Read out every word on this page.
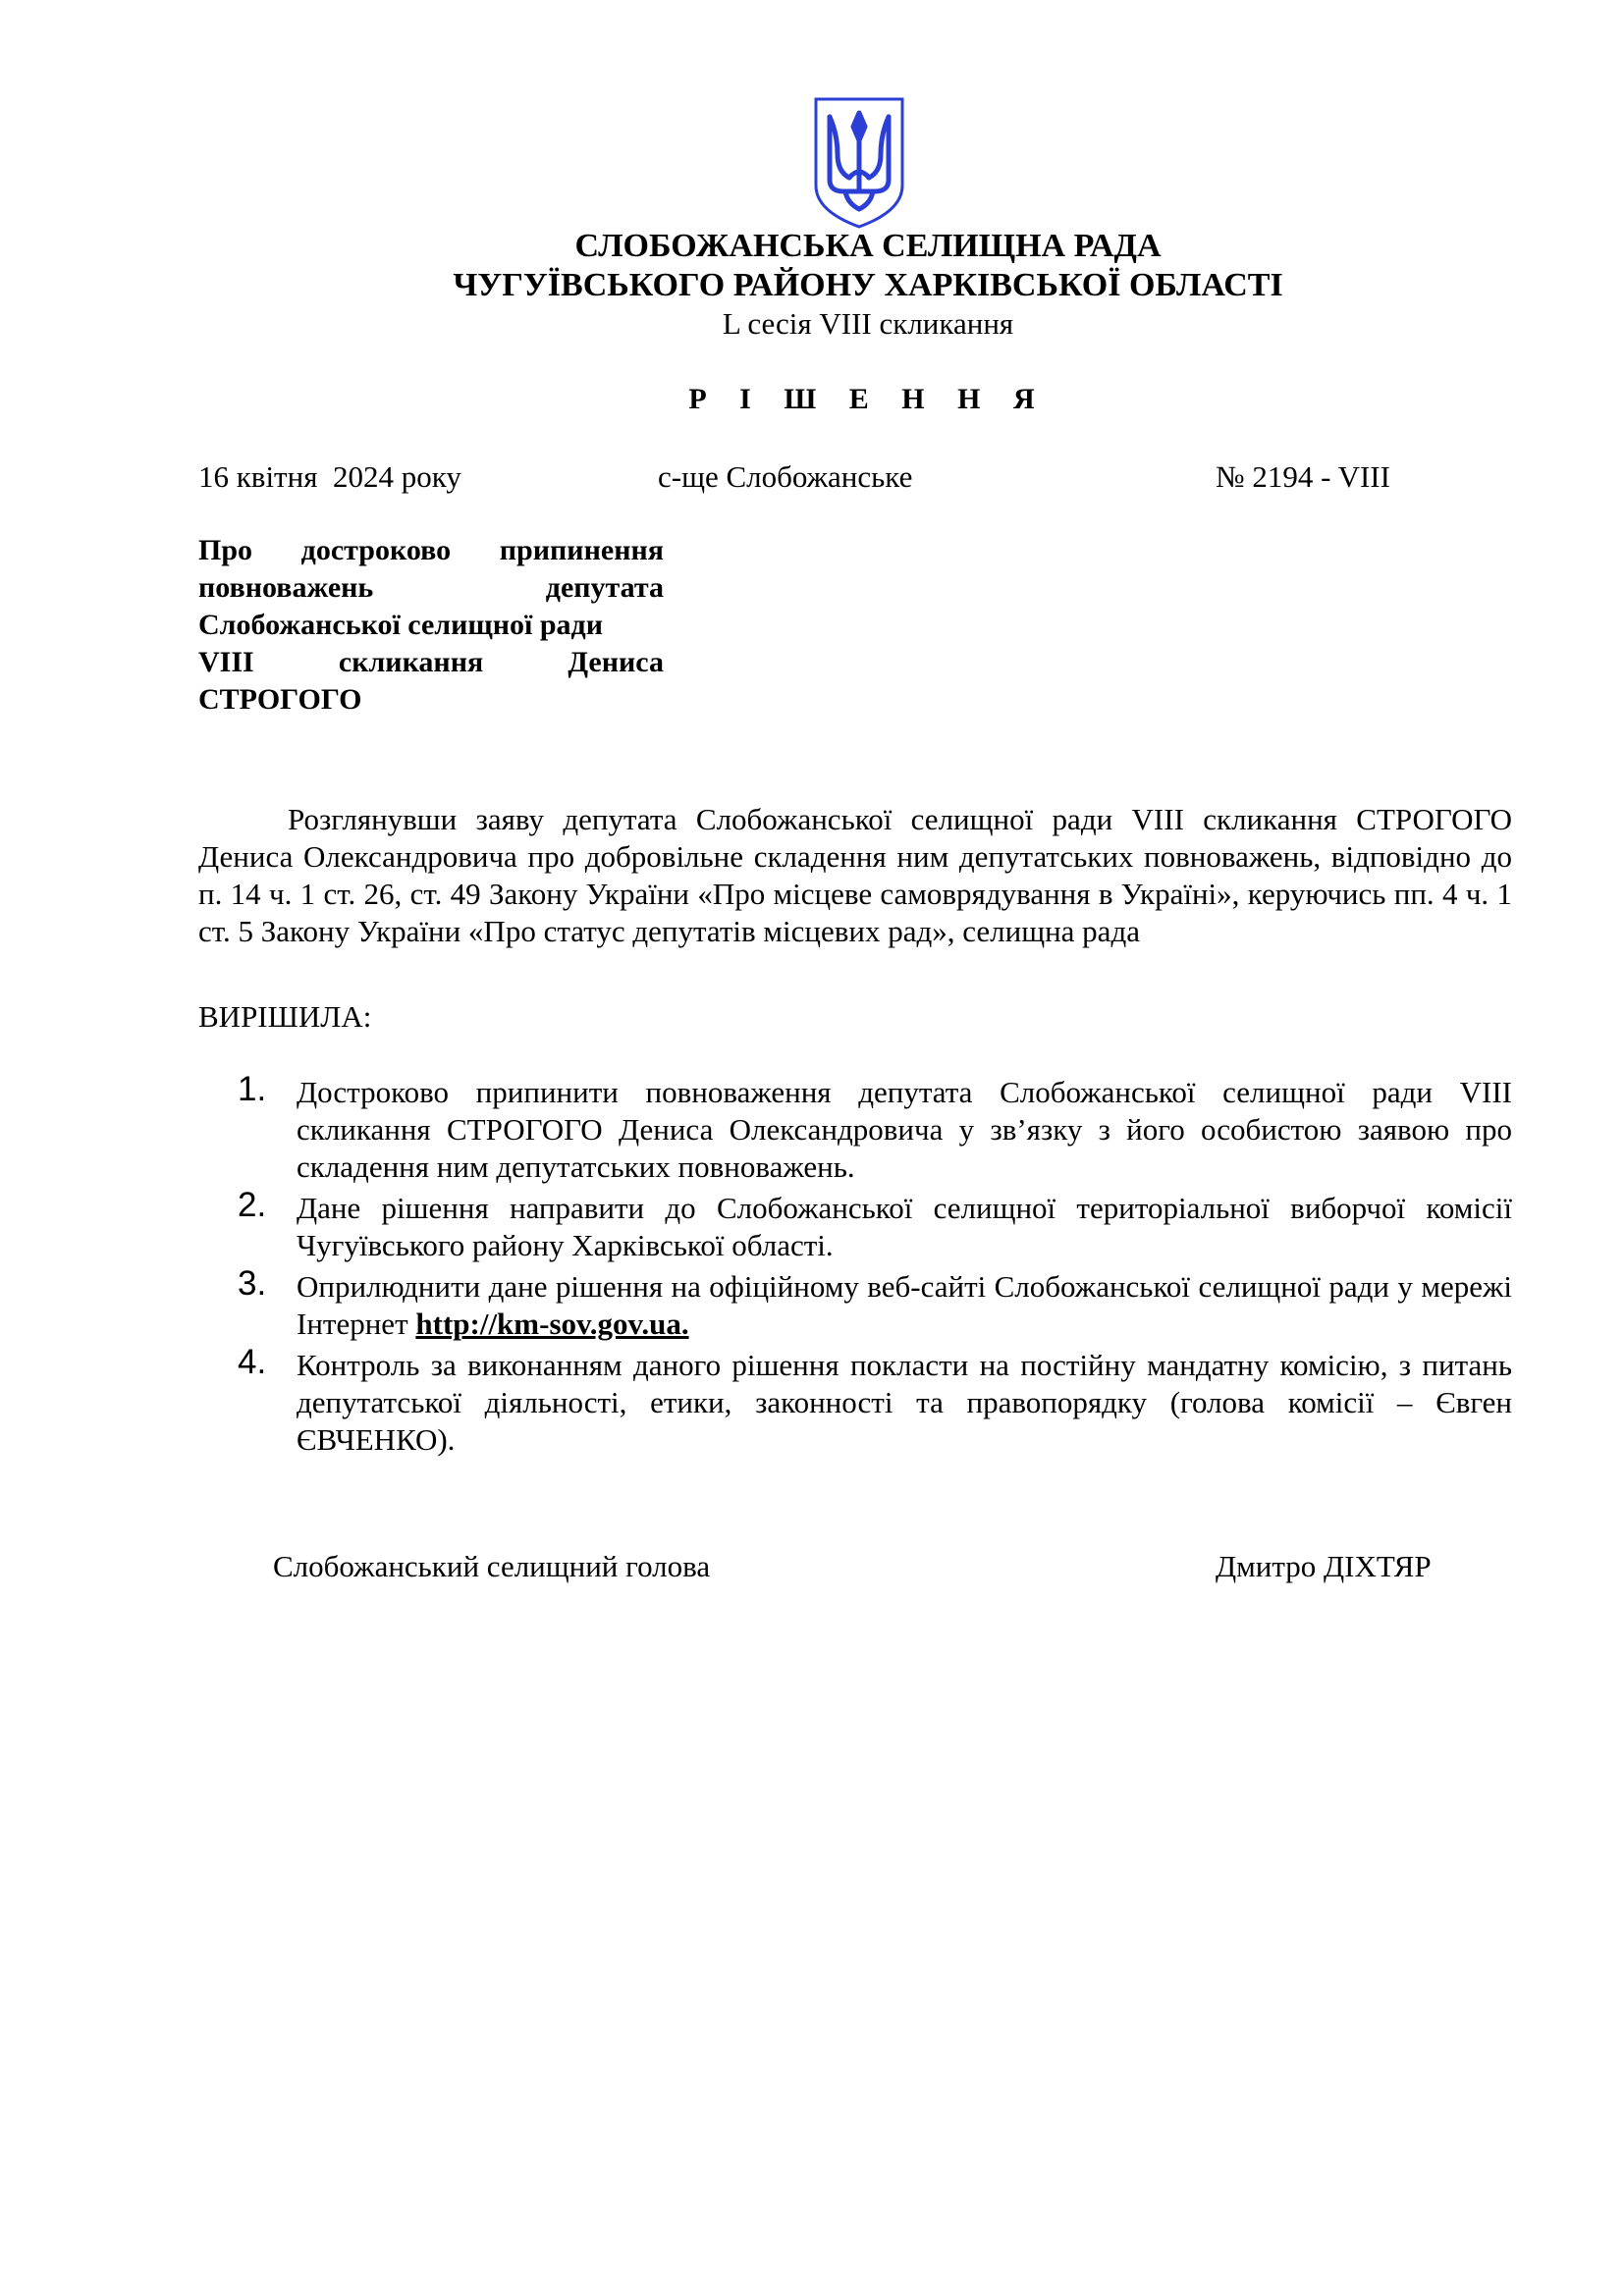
СЛОБОЖАНСЬКА СЕЛИЩНА РАДА
ЧУГУЇВСЬКОГО РАЙОНУ ХАРКІВСЬКОЇ ОБЛАСТІ
L сесія VIII скликання
Р І Ш Е Н Н Я
16 квітня  2024 року	с-ще Слобожанське	№ 2194 - VIII
Про достроково припинення
повноважень депутата
Слобожанської селищної ради
VIII скликання Дениса
СТРОГОГО

Розглянувши заяву депутата Слобожанської селищної ради VIII скликання СТРОГОГО Дениса Олександровича про добровільне складення ним депутатських повноважень, відповідно до п. 14 ч. 1 ст. 26, ст. 49 Закону України «Про місцеве самоврядування в Україні», керуючись пп. 4 ч. 1 ст. 5 Закону України «Про статус депутатів місцевих рад», селищна рада

ВИРІШИЛА:
1. Достроково припинити повноваження депутата Слобожанської селищної ради VIII скликання СТРОГОГО Дениса Олександровича у зв’язку з його особистою заявою про складення ним депутатських повноважень.
2. Дане рішення направити до Слобожанської селищної територіальної виборчої комісії Чугуївського району Харківської області.
3. Оприлюднити дане рішення на офіційному веб-сайті Слобожанської селищної ради у мережі Інтернет http://km-sov.gov.ua.
4. Контроль за виконанням даного рішення покласти на постійну мандатну комісію, з питань депутатської діяльності, етики, законності та правопорядку (голова комісії – Євген ЄВЧЕНКО).
Слобожанський селищний голова	Дмитро ДІХТЯР
